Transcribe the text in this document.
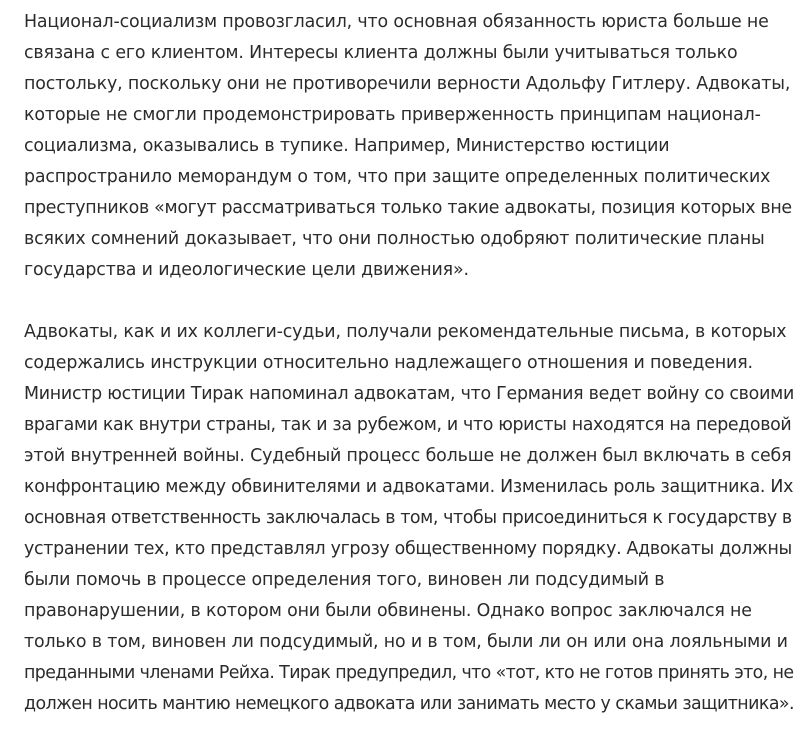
Национал-социализм провозгласил, что основная обязанность юриста больше не
связана с его клиентом. Интересы клиента должны были учитываться только
постольку, поскольку они не противоречили верности Адольфу Гитлеру. Адвокаты,
которые не смогли продемонстрировать приверженность принципам национал-
социализма, оказывались в тупике. Например, Министерство юстиции
распространило меморандум о том, что при защите определенных политических
преступников «могут рассматриваться только такие адвокаты, позиция которых вне
всяких сомнений доказывает, что они полностью одобряют политические планы
государства и идеологические цели движения».

Адвокаты, как и их коллеги-судьи, получали рекомендательные письма, в которых
содержались инструкции относительно надлежащего отношения и поведения.
Министр юстиции Тирак напоминал адвокатам, что Германия ведет войну со своими
врагами как внутри страны, так и за рубежом, и что юристы находятся на передовой
этой внутренней войны. Судебный процесс больше не должен был включать в себя
конфронтацию между обвинителями и адвокатами. Изменилась роль защитника. Их
основная ответственность заключалась в том, чтобы присоединиться к государству в
устранении тех, кто представлял угрозу общественному порядку. Адвокаты должны
были помочь в процессе определения того, виновен ли подсудимый в
правонарушении, в котором они были обвинены. Однако вопрос заключался не
только в том, виновен ли подсудимый, но и в том, были ли он или она лояльными и
преданными членами Рейха. Тирак предупредил, что «тот, кто не готов принять это, не
должен носить мантию немецкого адвоката или занимать место у скамьи защитника».
